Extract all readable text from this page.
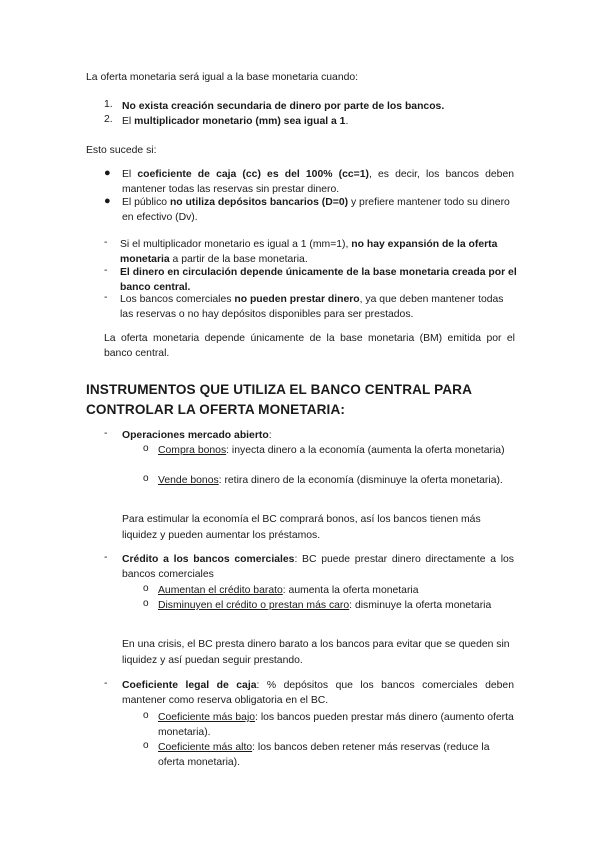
La oferta monetaria será igual a la base monetaria cuando:

1. No exista creación secundaria de dinero por parte de los bancos.

2. El multiplicador monetario (mm) sea igual a 1.

Esto sucede si:

● El coeficiente de caja (cc) es del 100% (cc=1), es decir, los bancos deben mantener todas las reservas sin prestar dinero.

● El público no utiliza depósitos bancarios (D=0) y prefiere mantener todo su dinero en efectivo (Dv).

- Si el multiplicador monetario es igual a 1 (mm=1), no hay expansión de la oferta monetaria a partir de la base monetaria.

- El dinero en circulación depende únicamente de la base monetaria creada por el banco central.

- Los bancos comerciales no pueden prestar dinero, ya que deben mantener todas las reservas o no hay depósitos disponibles para ser prestados.

La oferta monetaria depende únicamente de la base monetaria (BM) emitida por el banco central.

INSTRUMENTOS QUE UTILIZA EL BANCO CENTRAL PARA CONTROLAR LA OFERTA MONETARIA:
- Operaciones mercado abierto:

o Compra bonos: inyecta dinero a la economía (aumenta la oferta monetaria)

o Vende bonos: retira dinero de la economía (disminuye la oferta monetaria).

Para estimular la economía el BC comprará bonos, así los bancos tienen más liquidez y pueden aumentar los préstamos.

- Crédito a los bancos comerciales: BC puede prestar dinero directamente a los bancos comerciales

o Aumentan el crédito barato: aumenta la oferta monetaria

o Disminuyen el crédito o prestan más caro: disminuye la oferta monetaria

En una crisis, el BC presta dinero barato a los bancos para evitar que se queden sin liquidez y así puedan seguir prestando.

- Coeficiente legal de caja: % depósitos que los bancos comerciales deben mantener como reserva obligatoria en el BC.

o Coeficiente más bajo: los bancos pueden prestar más dinero (aumento oferta monetaria).

o Coeficiente más alto: los bancos deben retener más reservas (reduce la oferta monetaria).
